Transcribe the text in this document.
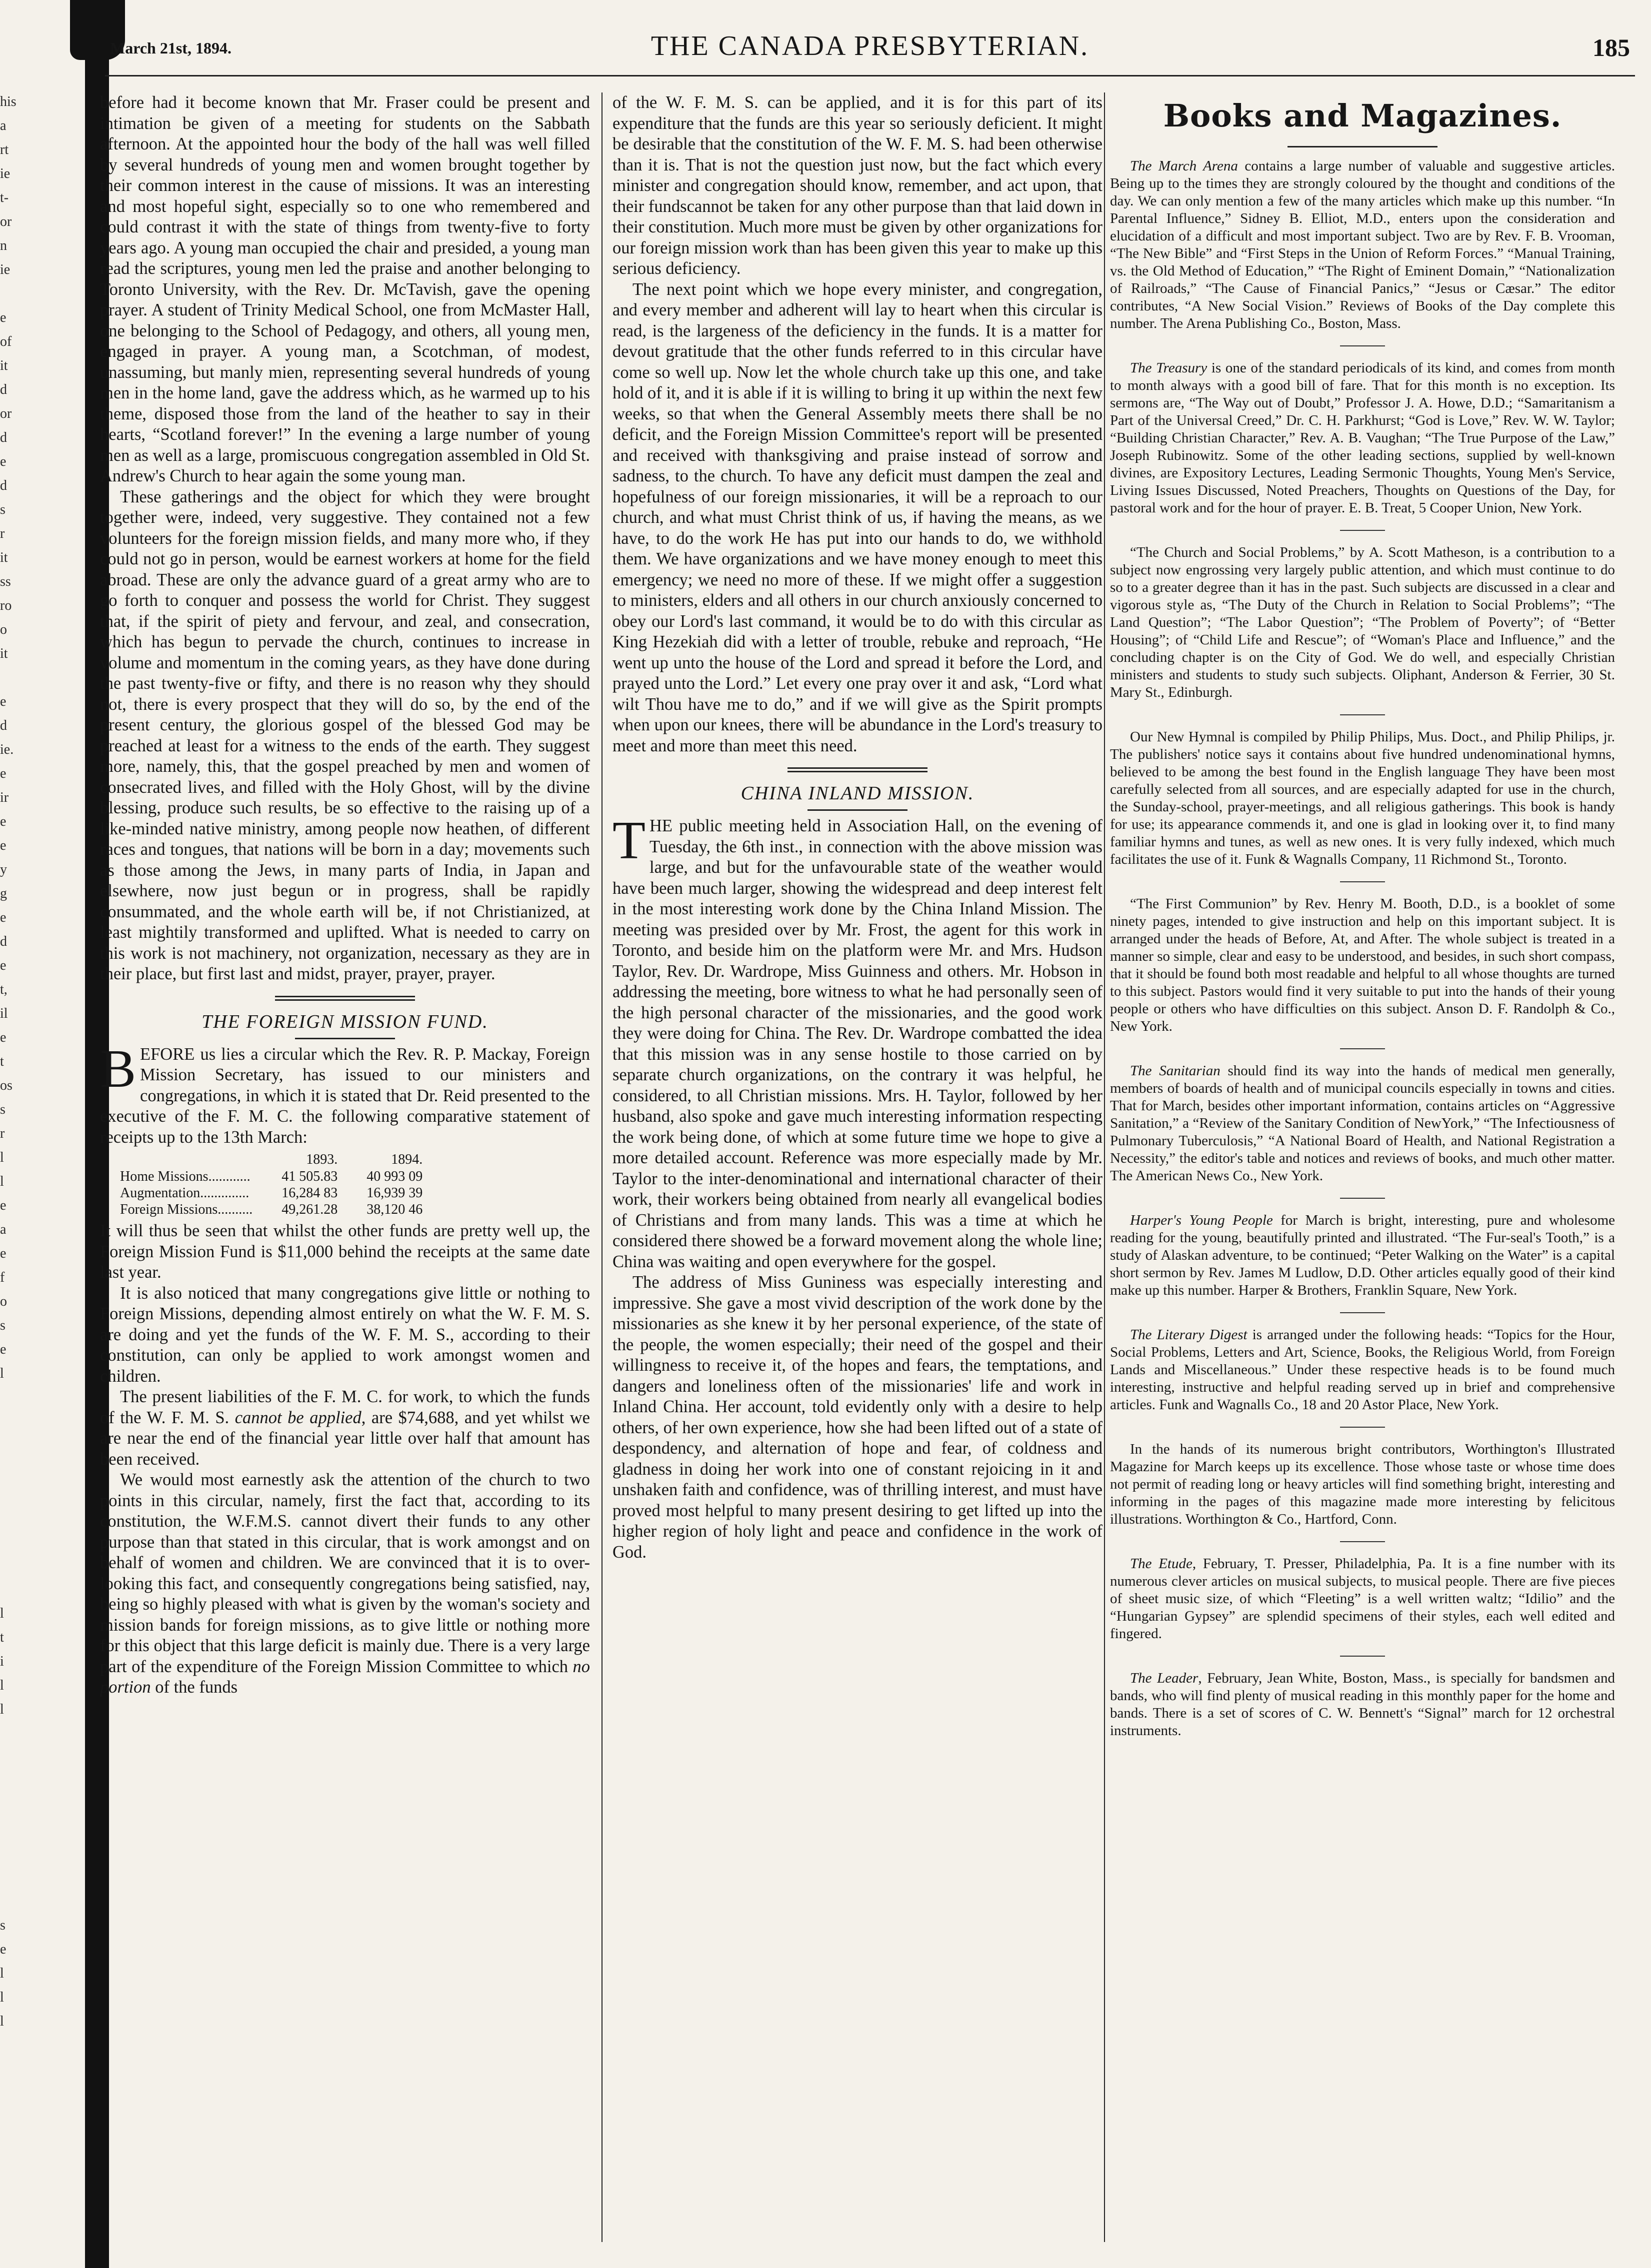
his
a
rt
ie
t-
or
n
ie

e
of
it
d
or
d
e
d
s
r
it
ss
ro
o
it

e
d
ie.
e
ir
e
e
y
g
e
d
e
t,
il
e
t
os
s
r
l
l
e
a
e
f
o
s
e
l

l
t
i
l
l

s
e
l
l
l
March 21st, 1894.	THE CANADA PRESBYTERIAN.	185

before had it become known that Mr. Fraser could be present and intimation be given of a meeting for students on the Sabbath afternoon. At the appointed hour the body of the hall was well filled by several hundreds of young men and women brought together by their common interest in the cause of missions. It was an interesting and most hopeful sight, especially so to one who remembered and could contrast it with the state of things from twenty-five to forty years ago. A young man occupied the chair and presided, a young man read the scriptures, young men led the praise and another belonging to Toronto University, with the Rev. Dr. McTavish, gave the opening prayer. A student of Trinity Medical School, one from McMaster Hall, one belonging to the School of Pedagogy, and others, all young men, engaged in prayer. A young man, a Scotchman, of modest, unassuming, but manly mien, representing several hundreds of young men in the home land, gave the address which, as he warmed up to his theme, disposed those from the land of the heather to say in their hearts, “Scotland forever!” In the evening a large number of young men as well as a large, promiscuous congregation assembled in Old St. Andrew's Church to hear again the some young man.

These gatherings and the object for which they were brought together were, indeed, very suggestive. They contained not a few volunteers for the foreign mission fields, and many more who, if they could not go in person, would be earnest workers at home for the field abroad. These are only the advance guard of a great army who are to go forth to conquer and possess the world for Christ. They suggest that, if the spirit of piety and fervour, and zeal, and consecration, which has begun to pervade the church, continues to increase in volume and momentum in the coming years, as they have done during the past twenty-five or fifty, and there is no reason why they should not, there is every prospect that they will do so, by the end of the present century, the glorious gospel of the blessed God may be preached at least for a witness to the ends of the earth. They suggest more, namely, this, that the gospel preached by men and women of consecrated lives, and filled with the Holy Ghost, will by the divine blessing, produce such results, be so effective to the raising up of a like-minded native ministry, among people now heathen, of different races and tongues, that nations will be born in a day; movements such as those among the Jews, in many parts of India, in Japan and elsewhere, now just begun or in progress, shall be rapidly consummated, and the whole earth will be, if not Christianized, at least mightily transformed and uplifted. What is needed to carry on this work is not machinery, not organization, necessary as they are in their place, but first last and midst, prayer, prayer, prayer.

THE FOREIGN MISSION FUND.

BEFORE us lies a circular which the Rev. R. P. Mackay, Foreign Mission Secretary, has issued to our ministers and congregations, in which it is stated that Dr. Reid presented to the executive of the F. M. C. the following comparative statement of receipts up to the 13th March:

	1893.	1894.
Home Missions............	41 505.83	40 993 09
Augmentation..............	16,284 83	16,939 39
Foreign Missions..........	49,261.28	38,120 46

It will thus be seen that whilst the other funds are pretty well up, the Foreign Mission Fund is $11,000 behind the receipts at the same date last year.

It is also noticed that many congregations give little or nothing to Foreign Missions, depending almost entirely on what the W. F. M. S. are doing and yet the funds of the W. F. M. S., according to their constitution, can only be applied to work amongst women and children.

The present liabilities of the F. M. C. for work, to which the funds of the W. F. M. S. cannot be applied, are $74,688, and yet whilst we are near the end of the financial year little over half that amount has been received.

We would most earnestly ask the attention of the church to two points in this circular, namely, first the fact that, according to its constitution, the W.F.M.S. cannot divert their funds to any other purpose than that stated in this circular, that is work amongst and on behalf of women and children. We are convinced that it is to over-looking this fact, and consequently congregations being satisfied, nay, being so highly pleased with what is given by the woman's society and mission bands for foreign missions, as to give little or nothing more for this object that this large deficit is mainly due. There is a very large part of the expenditure of the Foreign Mission Committee to which no portion of the funds

of the W. F. M. S. can be applied, and it is for this part of its expenditure that the funds are this year so seriously deficient. It might be desirable that the constitution of the W. F. M. S. had been otherwise than it is. That is not the question just now, but the fact which every minister and congregation should know, remember, and act upon, that their fundscannot be taken for any other purpose than that laid down in their constitution. Much more must be given by other organizations for our foreign mission work than has been given this year to make up this serious deficiency.

The next point which we hope every minister, and congregation, and every member and adherent will lay to heart when this circular is read, is the largeness of the deficiency in the funds. It is a matter for devout gratitude that the other funds referred to in this circular have come so well up. Now let the whole church take up this one, and take hold of it, and it is able if it is willing to bring it up within the next few weeks, so that when the General Assembly meets there shall be no deficit, and the Foreign Mission Committee's report will be presented and received with thanksgiving and praise instead of sorrow and sadness, to the church. To have any deficit must dampen the zeal and hopefulness of our foreign missionaries, it will be a reproach to our church, and what must Christ think of us, if having the means, as we have, to do the work He has put into our hands to do, we withhold them. We have organizations and we have money enough to meet this emergency; we need no more of these. If we might offer a suggestion to ministers, elders and all others in our church anxiously concerned to obey our Lord's last command, it would be to do with this circular as King Hezekiah did with a letter of trouble, rebuke and reproach, “He went up unto the house of the Lord and spread it before the Lord, and prayed unto the Lord.” Let every one pray over it and ask, “Lord what wilt Thou have me to do,” and if we will give as the Spirit prompts when upon our knees, there will be abundance in the Lord's treasury to meet and more than meet this need.

CHINA INLAND MISSION.

THE public meeting held in Association Hall, on the evening of Tuesday, the 6th inst., in connection with the above mission was large, and but for the unfavourable state of the weather would have been much larger, showing the widespread and deep interest felt in the most interesting work done by the China Inland Mission. The meeting was presided over by Mr. Frost, the agent for this work in Toronto, and beside him on the platform were Mr. and Mrs. Hudson Taylor, Rev. Dr. Wardrope, Miss Guinness and others. Mr. Hobson in addressing the meeting, bore witness to what he had personally seen of the high personal character of the missionaries, and the good work they were doing for China. The Rev. Dr. Wardrope combatted the idea that this mission was in any sense hostile to those carried on by separate church organizations, on the contrary it was helpful, he considered, to all Christian missions. Mrs. H. Taylor, followed by her husband, also spoke and gave much interesting information respecting the work being done, of which at some future time we hope to give a more detailed account. Reference was more especially made by Mr. Taylor to the inter-denominational and international character of their work, their workers being obtained from nearly all evangelical bodies of Christians and from many lands. This was a time at which he considered there showed be a forward movement along the whole line; China was waiting and open everywhere for the gospel.

The address of Miss Guniness was especially interesting and impressive. She gave a most vivid description of the work done by the missionaries as she knew it by her personal experience, of the state of the people, the women especially; their need of the gospel and their willingness to receive it, of the hopes and fears, the temptations, and dangers and loneliness often of the missionaries' life and work in Inland China. Her account, told evidently only with a desire to help others, of her own experience, how she had been lifted out of a state of despondency, and alternation of hope and fear, of coldness and gladness in doing her work into one of constant rejoicing in it and unshaken faith and confidence, was of thrilling interest, and must have proved most helpful to many present desiring to get lifted up into the higher region of holy light and peace and confidence in the work of God.

Books and Magazines.

The March Arena contains a large number of valuable and suggestive articles. Being up to the times they are strongly coloured by the thought and conditions of the day. We can only mention a few of the many articles which make up this number. “In Parental Influence,” Sidney B. Elliot, M.D., enters upon the consideration and elucidation of a difficult and most important subject. Two are by Rev. F. B. Vrooman, “The New Bible” and “First Steps in the Union of Reform Forces.” “Manual Training, vs. the Old Method of Education,” “The Right of Eminent Domain,” “Nationalization of Railroads,” “The Cause of Financial Panics,” “Jesus or Cæsar.” The editor contributes, “A New Social Vision.” Reviews of Books of the Day complete this number. The Arena Publishing Co., Boston, Mass.

The Treasury is one of the standard periodicals of its kind, and comes from month to month always with a good bill of fare. That for this month is no exception. Its sermons are, “The Way out of Doubt,” Professor J. A. Howe, D.D.; “Samaritanism a Part of the Universal Creed,” Dr. C. H. Parkhurst; “God is Love,” Rev. W. W. Taylor; “Building Christian Character,” Rev. A. B. Vaughan; “The True Purpose of the Law,” Joseph Rubinowitz. Some of the other leading sections, supplied by well-known divines, are Expository Lectures, Leading Sermonic Thoughts, Young Men's Service, Living Issues Discussed, Noted Preachers, Thoughts on Questions of the Day, for pastoral work and for the hour of prayer. E. B. Treat, 5 Cooper Union, New York.

“The Church and Social Problems,” by A. Scott Matheson, is a contribution to a subject now engrossing very largely public attention, and which must continue to do so to a greater degree than it has in the past. Such subjects are discussed in a clear and vigorous style as, “The Duty of the Church in Relation to Social Problems”; “The Land Question”; “The Labor Question”; “The Problem of Poverty”; of “Better Housing”; of “Child Life and Rescue”; of “Woman's Place and Influence,” and the concluding chapter is on the City of God. We do well, and especially Christian ministers and students to study such subjects. Oliphant, Anderson & Ferrier, 30 St. Mary St., Edinburgh.

Our New Hymnal is compiled by Philip Philips, Mus. Doct., and Philip Philips, jr. The publishers' notice says it contains about five hundred undenominational hymns, believed to be among the best found in the English language They have been most carefully selected from all sources, and are especially adapted for use in the church, the Sunday-school, prayer-meetings, and all religious gatherings. This book is handy for use; its appearance commends it, and one is glad in looking over it, to find many familiar hymns and tunes, as well as new ones. It is very fully indexed, which much facilitates the use of it. Funk & Wagnalls Company, 11 Richmond St., Toronto.

“The First Communion” by Rev. Henry M. Booth, D.D., is a booklet of some ninety pages, intended to give instruction and help on this important subject. It is arranged under the heads of Before, At, and After. The whole subject is treated in a manner so simple, clear and easy to be understood, and besides, in such short compass, that it should be found both most readable and helpful to all whose thoughts are turned to this subject. Pastors would find it very suitable to put into the hands of their young people or others who have difficulties on this subject. Anson D. F. Randolph & Co., New York.

The Sanitarian should find its way into the hands of medical men generally, members of boards of health and of municipal councils especially in towns and cities. That for March, besides other important information, contains articles on “Aggressive Sanitation,” a “Review of the Sanitary Condition of NewYork,” “The Infectiousness of Pulmonary Tuberculosis,” “A National Board of Health, and National Registration a Necessity,” the editor's table and notices and reviews of books, and much other matter. The American News Co., New York.

Harper's Young People for March is bright, interesting, pure and wholesome reading for the young, beautifully printed and illustrated. “The Fur-seal's Tooth,” is a study of Alaskan adventure, to be continued; “Peter Walking on the Water” is a capital short sermon by Rev. James M Ludlow, D.D. Other articles equally good of their kind make up this number. Harper & Brothers, Franklin Square, New York.

The Literary Digest is arranged under the following heads: “Topics for the Hour, Social Problems, Letters and Art, Science, Books, the Religious World, from Foreign Lands and Miscellaneous.” Under these respective heads is to be found much interesting, instructive and helpful reading served up in brief and comprehensive articles. Funk and Wagnalls Co., 18 and 20 Astor Place, New York.

In the hands of its numerous bright contributors, Worthington's Illustrated Magazine for March keeps up its excellence. Those whose taste or whose time does not permit of reading long or heavy articles will find something bright, interesting and informing in the pages of this magazine made more interesting by felicitous illustrations. Worthington & Co., Hartford, Conn.

The Etude, February, T. Presser, Philadelphia, Pa. It is a fine number with its numerous clever articles on musical subjects, to musical people. There are five pieces of sheet music size, of which “Fleeting” is a well written waltz; “Idilio” and the “Hungarian Gypsey” are splendid specimens of their styles, each well edited and fingered.

The Leader, February, Jean White, Boston, Mass., is specially for bandsmen and bands, who will find plenty of musical reading in this monthly paper for the home and bands. There is a set of scores of C. W. Bennett's “Signal” march for 12 orchestral instruments.
